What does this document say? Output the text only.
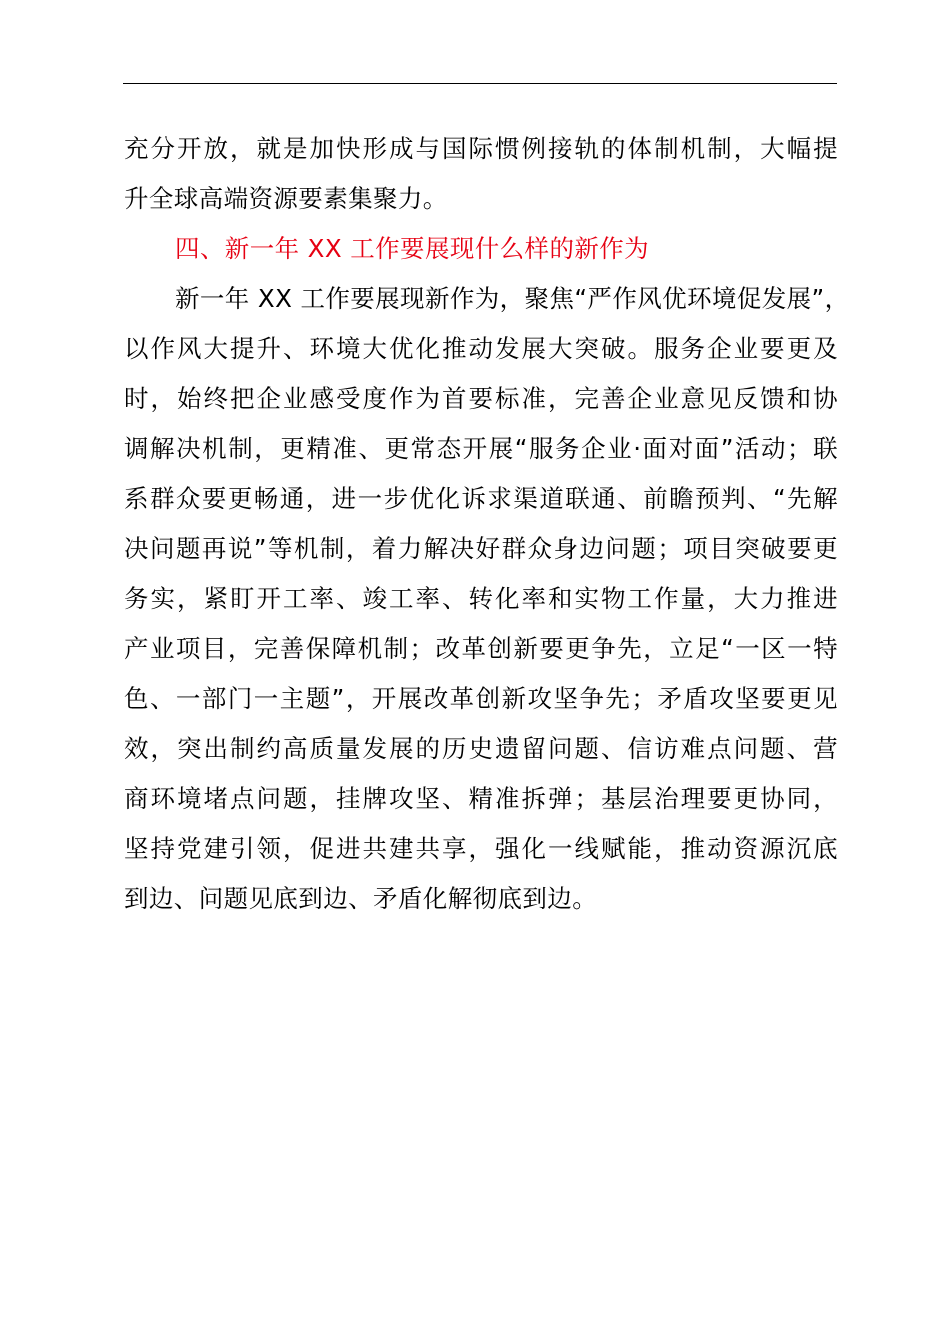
充分开放，就是加快形成与国际惯例接轨的体制机制，大幅提
升全球高端资源要素集聚力。
四、新一年 XX 工作要展现什么样的新作为
新一年 XX 工作要展现新作为，聚焦“严作风优环境促发展”，
以作风大提升、环境大优化推动发展大突破。服务企业要更及
时，始终把企业感受度作为首要标准，完善企业意见反馈和协
调解决机制，更精准、更常态开展“服务企业·面对面”活动；联
系群众要更畅通，进一步优化诉求渠道联通、前瞻预判、“先解
决问题再说”等机制，着力解决好群众身边问题；项目突破要更
务实，紧盯开工率、竣工率、转化率和实物工作量，大力推进
产业项目，完善保障机制；改革创新要更争先，立足“一区一特
色、一部门一主题”，开展改革创新攻坚争先；矛盾攻坚要更见
效，突出制约高质量发展的历史遗留问题、信访难点问题、营
商环境堵点问题，挂牌攻坚、精准拆弹；基层治理要更协同，
坚持党建引领，促进共建共享，强化一线赋能，推动资源沉底
到边、问题见底到边、矛盾化解彻底到边。
